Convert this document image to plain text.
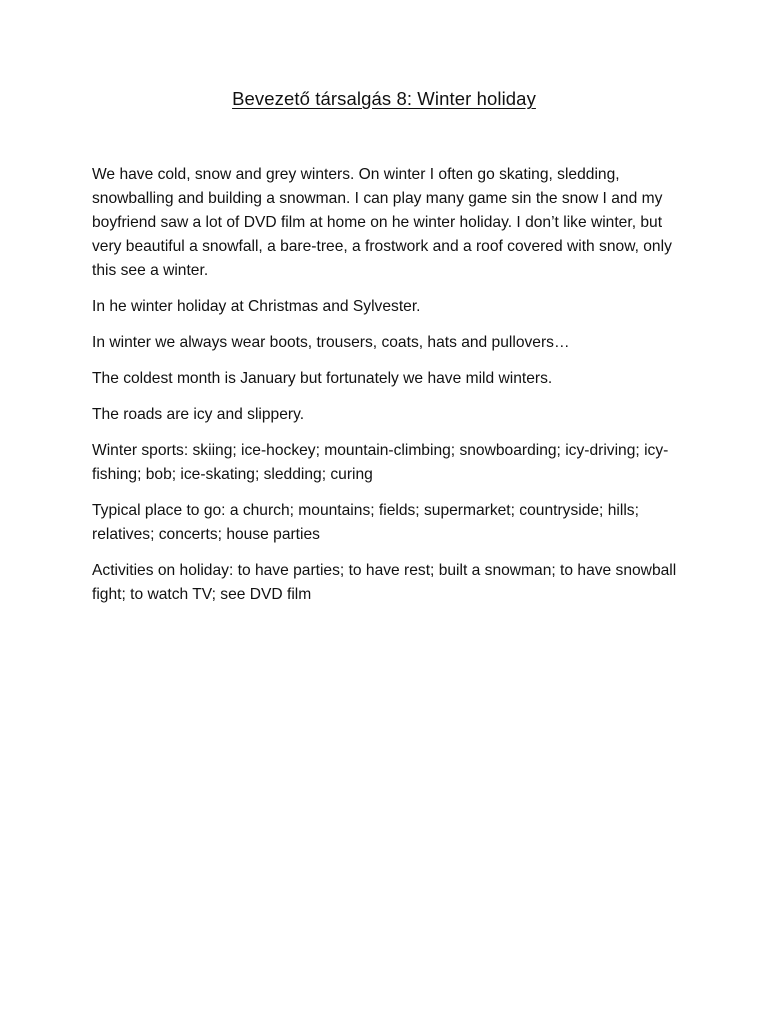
Bevezető társalgás 8: Winter holiday

We have cold, snow and grey winters. On winter I often go skating, sledding, snowballing and building a snowman. I can play many game sin the snow I and my boyfriend saw a lot of DVD film at home on he winter holiday. I don’t like winter, but very beautiful a snowfall, a bare-tree, a frostwork and a roof covered with snow, only this see a winter.

In he winter holiday at Christmas and Sylvester.

In winter we always wear boots, trousers, coats, hats and pullovers…

The coldest month is January but fortunately we have mild winters.

The roads are icy and slippery.

Winter sports: skiing; ice-hockey; mountain-climbing; snowboarding; icy-driving; icy-fishing; bob; ice-skating; sledding; curing

Typical place to go: a church; mountains; fields; supermarket; countryside; hills; relatives; concerts; house parties

Activities on holiday: to have parties; to have rest; built a snowman; to have snowball fight; to watch TV; see DVD film
